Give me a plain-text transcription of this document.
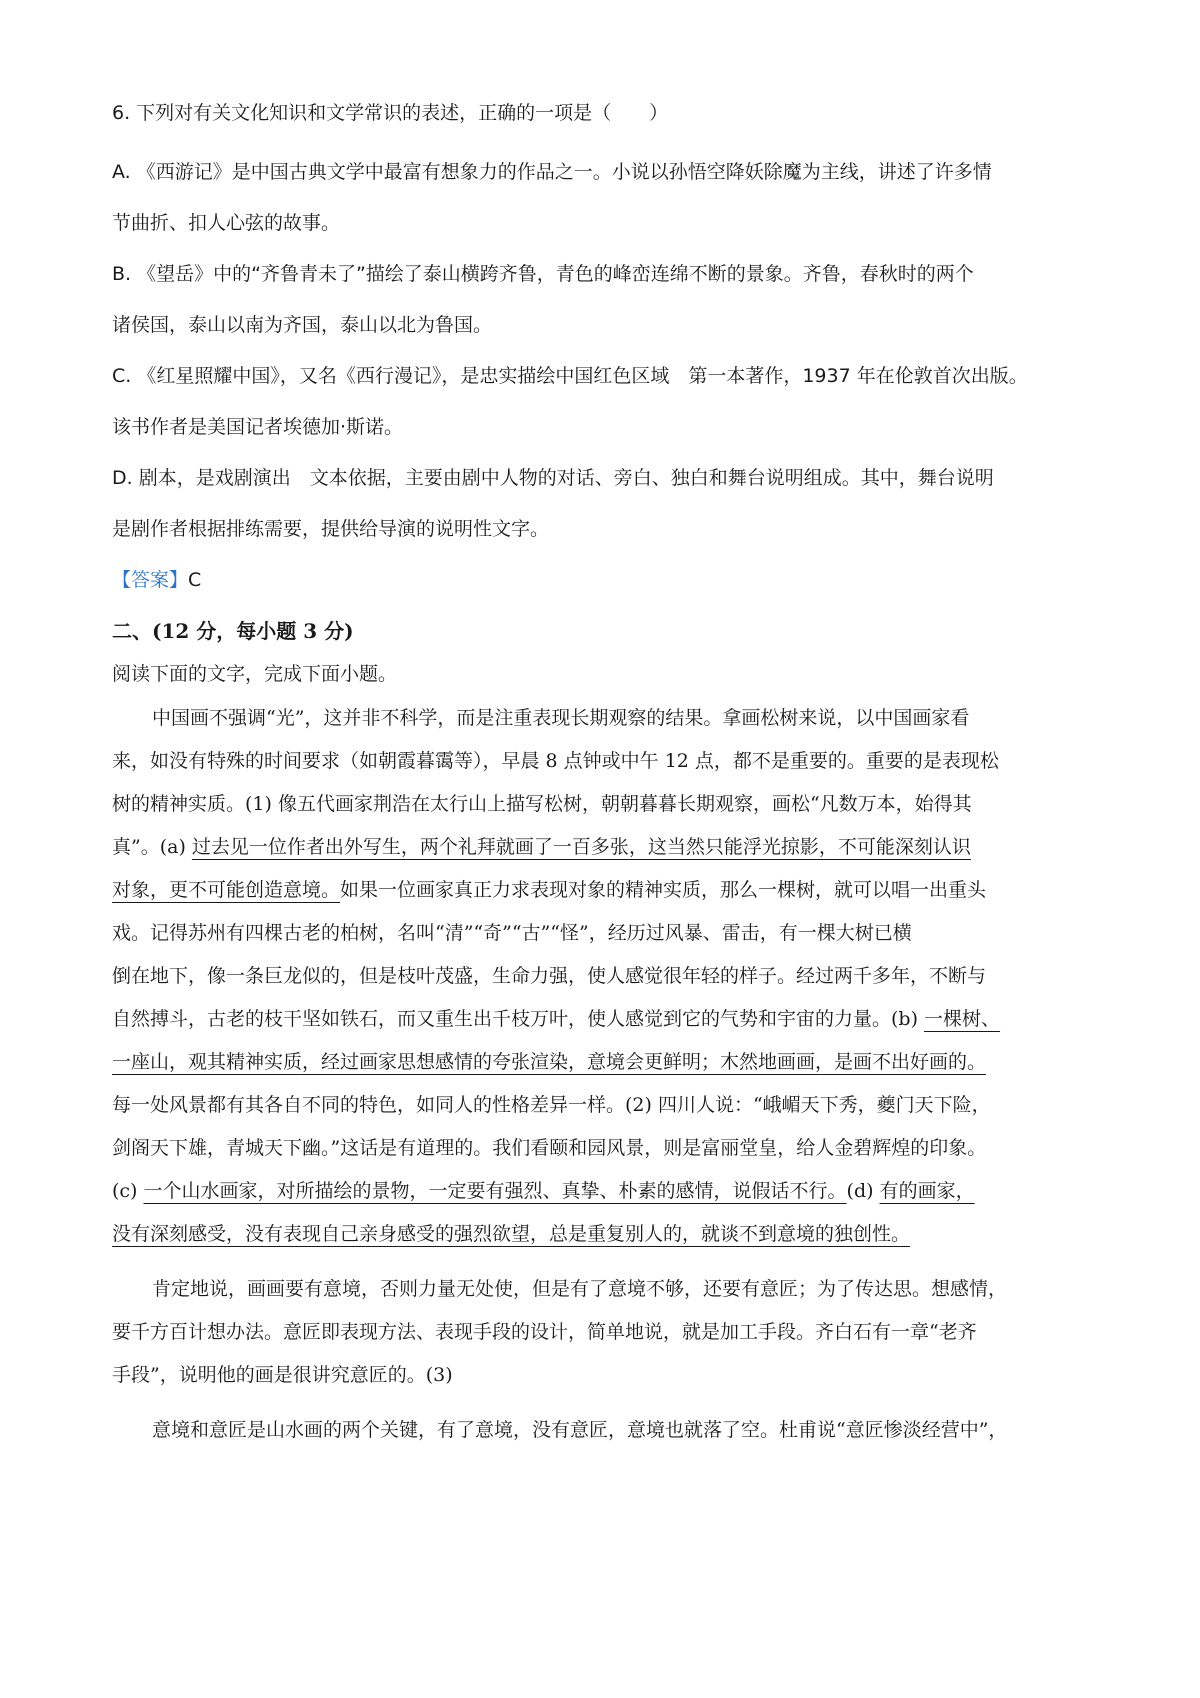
6. 下列对有关文化知识和文学常识的表述，正确的一项是（　　）
A. 《西游记》是中国古典文学中最富有想象力的作品之一。小说以孙悟空降妖除魔为主线，讲述了许多情
节曲折、扣人心弦的故事。
B. 《望岳》中的“齐鲁青未了”描绘了泰山横跨齐鲁，青色的峰峦连绵不断的景象。齐鲁，春秋时的两个
诸侯国，泰山以南为齐国，泰山以北为鲁国。
C. 《红星照耀中国》，又名《西行漫记》，是忠实描绘中国红色区域　第一本著作，1937 年在伦敦首次出版。
该书作者是美国记者埃德加·斯诺。
D. 剧本，是戏剧演出　文本依据，主要由剧中人物的对话、旁白、独白和舞台说明组成。其中，舞台说明
是剧作者根据排练需要，提供给导演的说明性文字。
【答案】C
二、(12 分，每小题 3 分)
阅读下面的文字，完成下面小题。
中国画不强调“光”，这并非不科学，而是注重表现长期观察的结果。拿画松树来说，以中国画家看
来，如没有特殊的时间要求（如朝霞暮霭等），早晨 8 点钟或中午 12 点，都不是重要的。重要的是表现松
树的精神实质。(1) 像五代画家荆浩在太行山上描写松树，朝朝暮暮长期观察，画松“凡数万本，始得其
真”。(a) 过去见一位作者出外写生，两个礼拜就画了一百多张，这当然只能浮光掠影，不可能深刻认识
对象，更不可能创造意境。如果一位画家真正力求表现对象的精神实质，那么一棵树，就可以唱一出重头
戏。记得苏州有四棵古老的柏树，名叫“清”“奇”“古”“怪”，经历过风暴、雷击，有一棵大树已横
倒在地下，像一条巨龙似的，但是枝叶茂盛，生命力强，使人感觉很年轻的样子。经过两千多年，不断与
自然搏斗，古老的枝干坚如铁石，而又重生出千枝万叶，使人感觉到它的气势和宇宙的力量。(b) 一棵树、
一座山，观其精神实质，经过画家思想感情的夸张渲染，意境会更鲜明；木然地画画，是画不出好画的。
每一处风景都有其各自不同的特色，如同人的性格差异一样。(2) 四川人说：“峨嵋天下秀，夔门天下险，
剑阁天下雄，青城天下幽。”这话是有道理的。我们看颐和园风景，则是富丽堂皇，给人金碧辉煌的印象。
(c) 一个山水画家，对所描绘的景物，一定要有强烈、真挚、朴素的感情，说假话不行。(d) 有的画家，
没有深刻感受，没有表现自己亲身感受的强烈欲望，总是重复别人的，就谈不到意境的独创性。
肯定地说，画画要有意境，否则力量无处使，但是有了意境不够，还要有意匠；为了传达思。想感情，
要千方百计想办法。意匠即表现方法、表现手段的设计，简单地说，就是加工手段。齐白石有一章“老齐
手段”，说明他的画是很讲究意匠的。(3)
意境和意匠是山水画的两个关键，有了意境，没有意匠，意境也就落了空。杜甫说“意匠惨淡经营中”，
